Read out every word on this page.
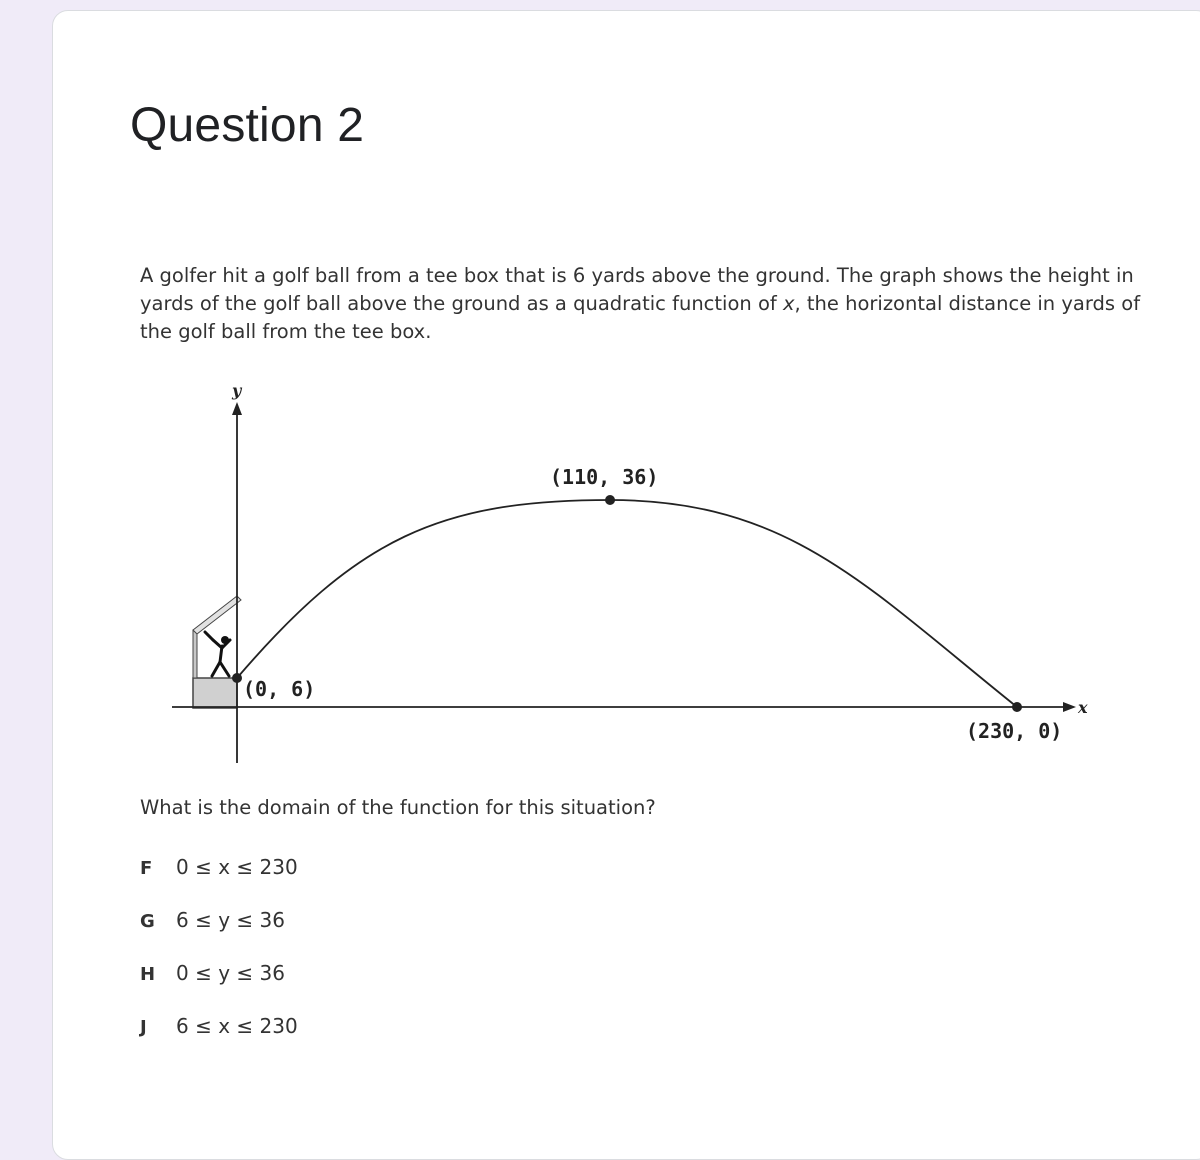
Question 2
A golfer hit a golf ball from a tee box that is 6 yards above the ground. The graph shows the height in yards of the golf ball above the ground as a quadratic function of x, the horizontal distance in yards of the golf ball from the tee box.
y
x
(0, 6)
(110, 36)
(230, 0)
What is the domain of the function for this situation?
F 0 ≤ x ≤ 230
G 6 ≤ y ≤ 36
H 0 ≤ y ≤ 36
J 6 ≤ x ≤ 230
